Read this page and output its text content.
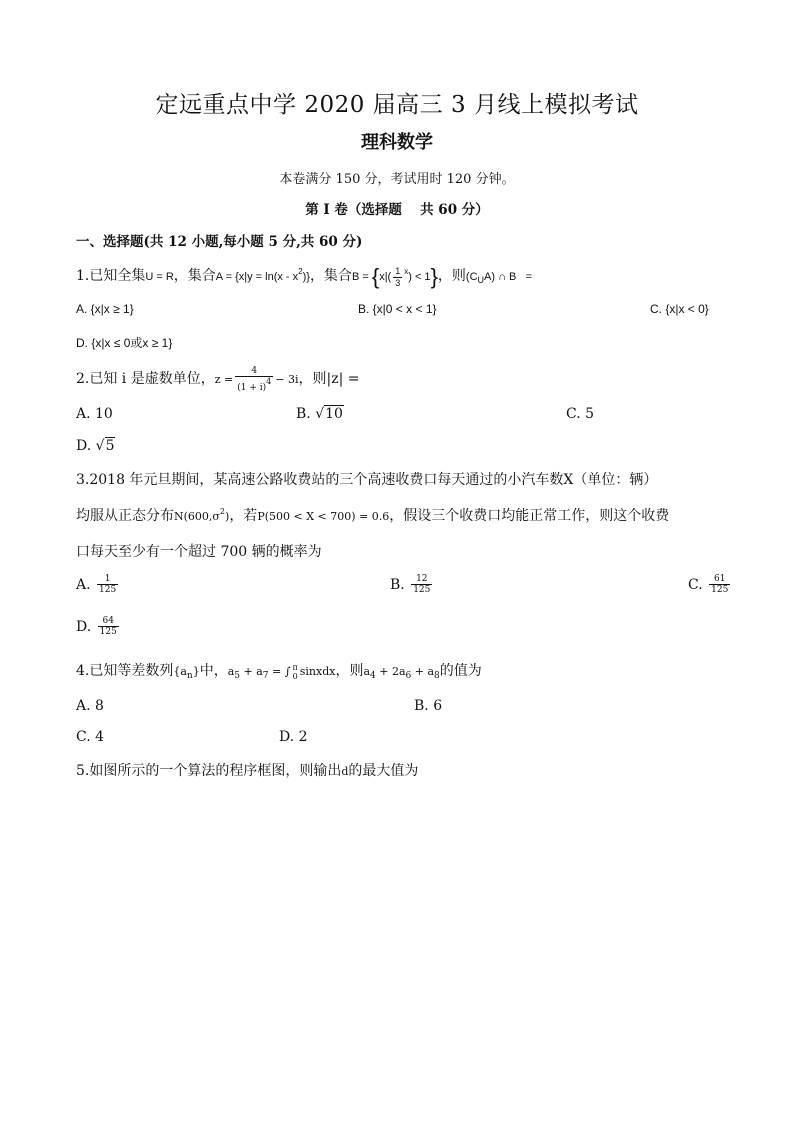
定远重点中学 2020 届高三 3 月线上模拟考试
理科数学
本卷满分 150 分，考试用时 120 分钟。
第 I 卷（选择题　 共 60 分）
一、选择题(共 12 小题,每小题 5 分,共 60 分)
1.已知全集U = R，集合$A = \{x|y = \ln(x - x^2)\}$，集合$B = \{x|( \frac{1}{3} ^x) < 1\}$，则$(C_UA)$ ∩ B =
A. {x|x ≥ 1}	B. {x|0 < x < 1}	C. {x|x < 0}
D. {x|x ≤ 0或x ≥ 1}
2.已知 i 是虚数单位，$z = \frac{4}{(1 + i)4} - 3i$，则|z| =
A. 10	B. √10	C. 5
D. √5
3.2018 年元旦期间，某高速公路收费站的三个高速收费口每天通过的小汽车数X（单位：辆）
均服从正态分布$N(600,\sigma^2)$，若P(500 < X < 700) = 0.6，假设三个收费口均能正常工作，则这个收费
口每天至少有一个超过 700 辆的概率为
A. $\frac{1}{125}$	B. $\frac{12}{125}$	C. $\frac{61}{125}$
D. $\frac{64}{125}$
4.已知等差数列$\{a_n\}$中，$a_5 + a_7$ = ∫ π
0 sinxdx，则$a_4 + 2a_6 + a_8$的值为
A. 8	B. 6
C. 4	D. 2
5.如图所示的一个算法的程序框图，则输出d的最大值为
